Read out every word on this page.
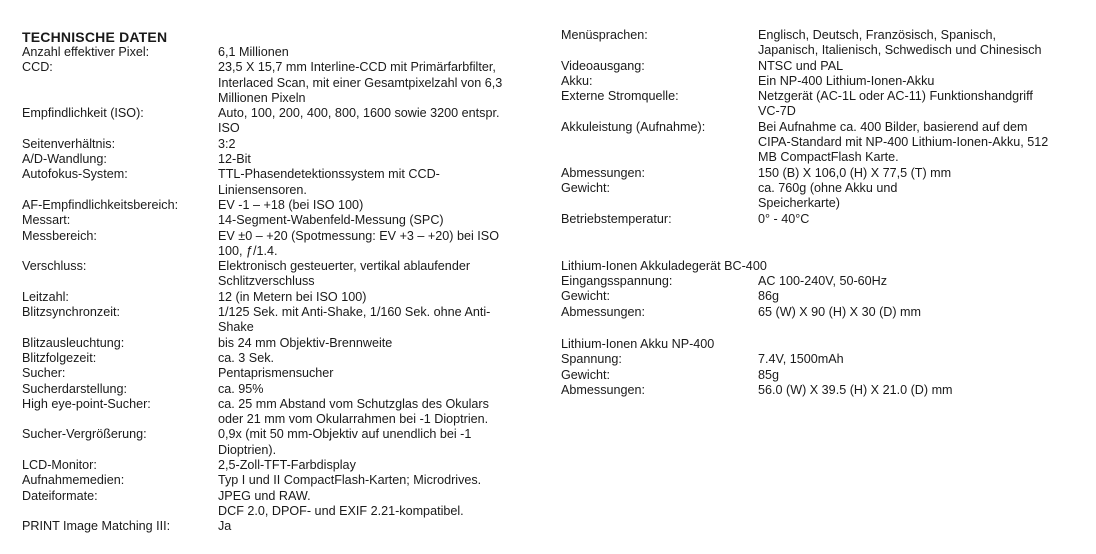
TECHNISCHE DATEN
Anzahl effektiver Pixel:	6,1 Millionen
CCD:	23,5 X 15,7 mm Interline-CCD mit Primärfarbfilter, Interlaced Scan, mit einer Gesamtpixelzahl von 6,3 Millionen Pixeln
Empfindlichkeit (ISO):	Auto, 100, 200, 400, 800, 1600 sowie 3200 entspr. ISO
Seitenverhältnis:	3:2
A/D-Wandlung:	12-Bit
Autofokus-System:	TTL-Phasendetektionssystem mit CCD-Liniensensoren.
AF-Empfindlichkeitsbereich:	EV -1 – +18 (bei ISO 100)
Messart:	14-Segment-Wabenfeld-Messung (SPC)
Messbereich:	EV ±0 – +20 (Spotmessung: EV +3 – +20) bei ISO 100, ƒ/1.4.
Verschluss:	Elektronisch gesteuerter, vertikal ablaufender Schlitzverschluss
Leitzahl:	12 (in Metern bei ISO 100)
Blitzsynchronzeit:	1/125 Sek. mit Anti-Shake, 1/160 Sek. ohne Anti-Shake
Blitzausleuchtung:	bis 24 mm Objektiv-Brennweite
Blitzfolgezeit:	ca. 3 Sek.
Sucher:	Pentaprismensucher
Sucherdarstellung:	ca. 95%
High eye-point-Sucher:	ca. 25 mm Abstand vom Schutzglas des Okulars oder 21 mm vom Okularrahmen bei -1 Dioptrien.
Sucher-Vergrößerung:	0,9x (mit 50 mm-Objektiv auf unendlich bei -1 Dioptrien).
LCD-Monitor:	2,5-Zoll-TFT-Farbdisplay
Aufnahmemedien:	Typ I und II CompactFlash-Karten; Microdrives.
Dateiformate:	JPEG und RAW.
DCF 2.0, DPOF- und EXIF 2.21-kompatibel.
PRINT Image Matching III:	Ja
Menüsprachen:	Englisch, Deutsch, Französisch, Spanisch, Japanisch, Italienisch, Schwedisch und Chinesisch
Videoausgang:	NTSC und PAL
Akku:	Ein NP-400 Lithium-Ionen-Akku
Externe Stromquelle:	Netzgerät (AC-1L oder AC-11) Funktionshandgriff VC-7D
Akkuleistung (Aufnahme):	Bei Aufnahme ca. 400 Bilder, basierend auf dem CIPA-Standard mit NP-400 Lithium-Ionen-Akku, 512 MB CompactFlash Karte.
Abmessungen:	150 (B) X 106,0 (H) X 77,5 (T) mm
Gewicht:	ca. 760g (ohne Akku und Speicherkarte)
Betriebstemperatur:	0° - 40°C
Lithium-Ionen Akkuladegerät BC-400
Eingangsspannung:	AC 100-240V, 50-60Hz
Gewicht:	86g
Abmessungen:	65 (W) X 90 (H) X 30 (D) mm
Lithium-Ionen Akku NP-400
Spannung:	7.4V, 1500mAh
Gewicht:	85g
Abmessungen:	56.0 (W) X 39.5 (H) X 21.0 (D) mm
